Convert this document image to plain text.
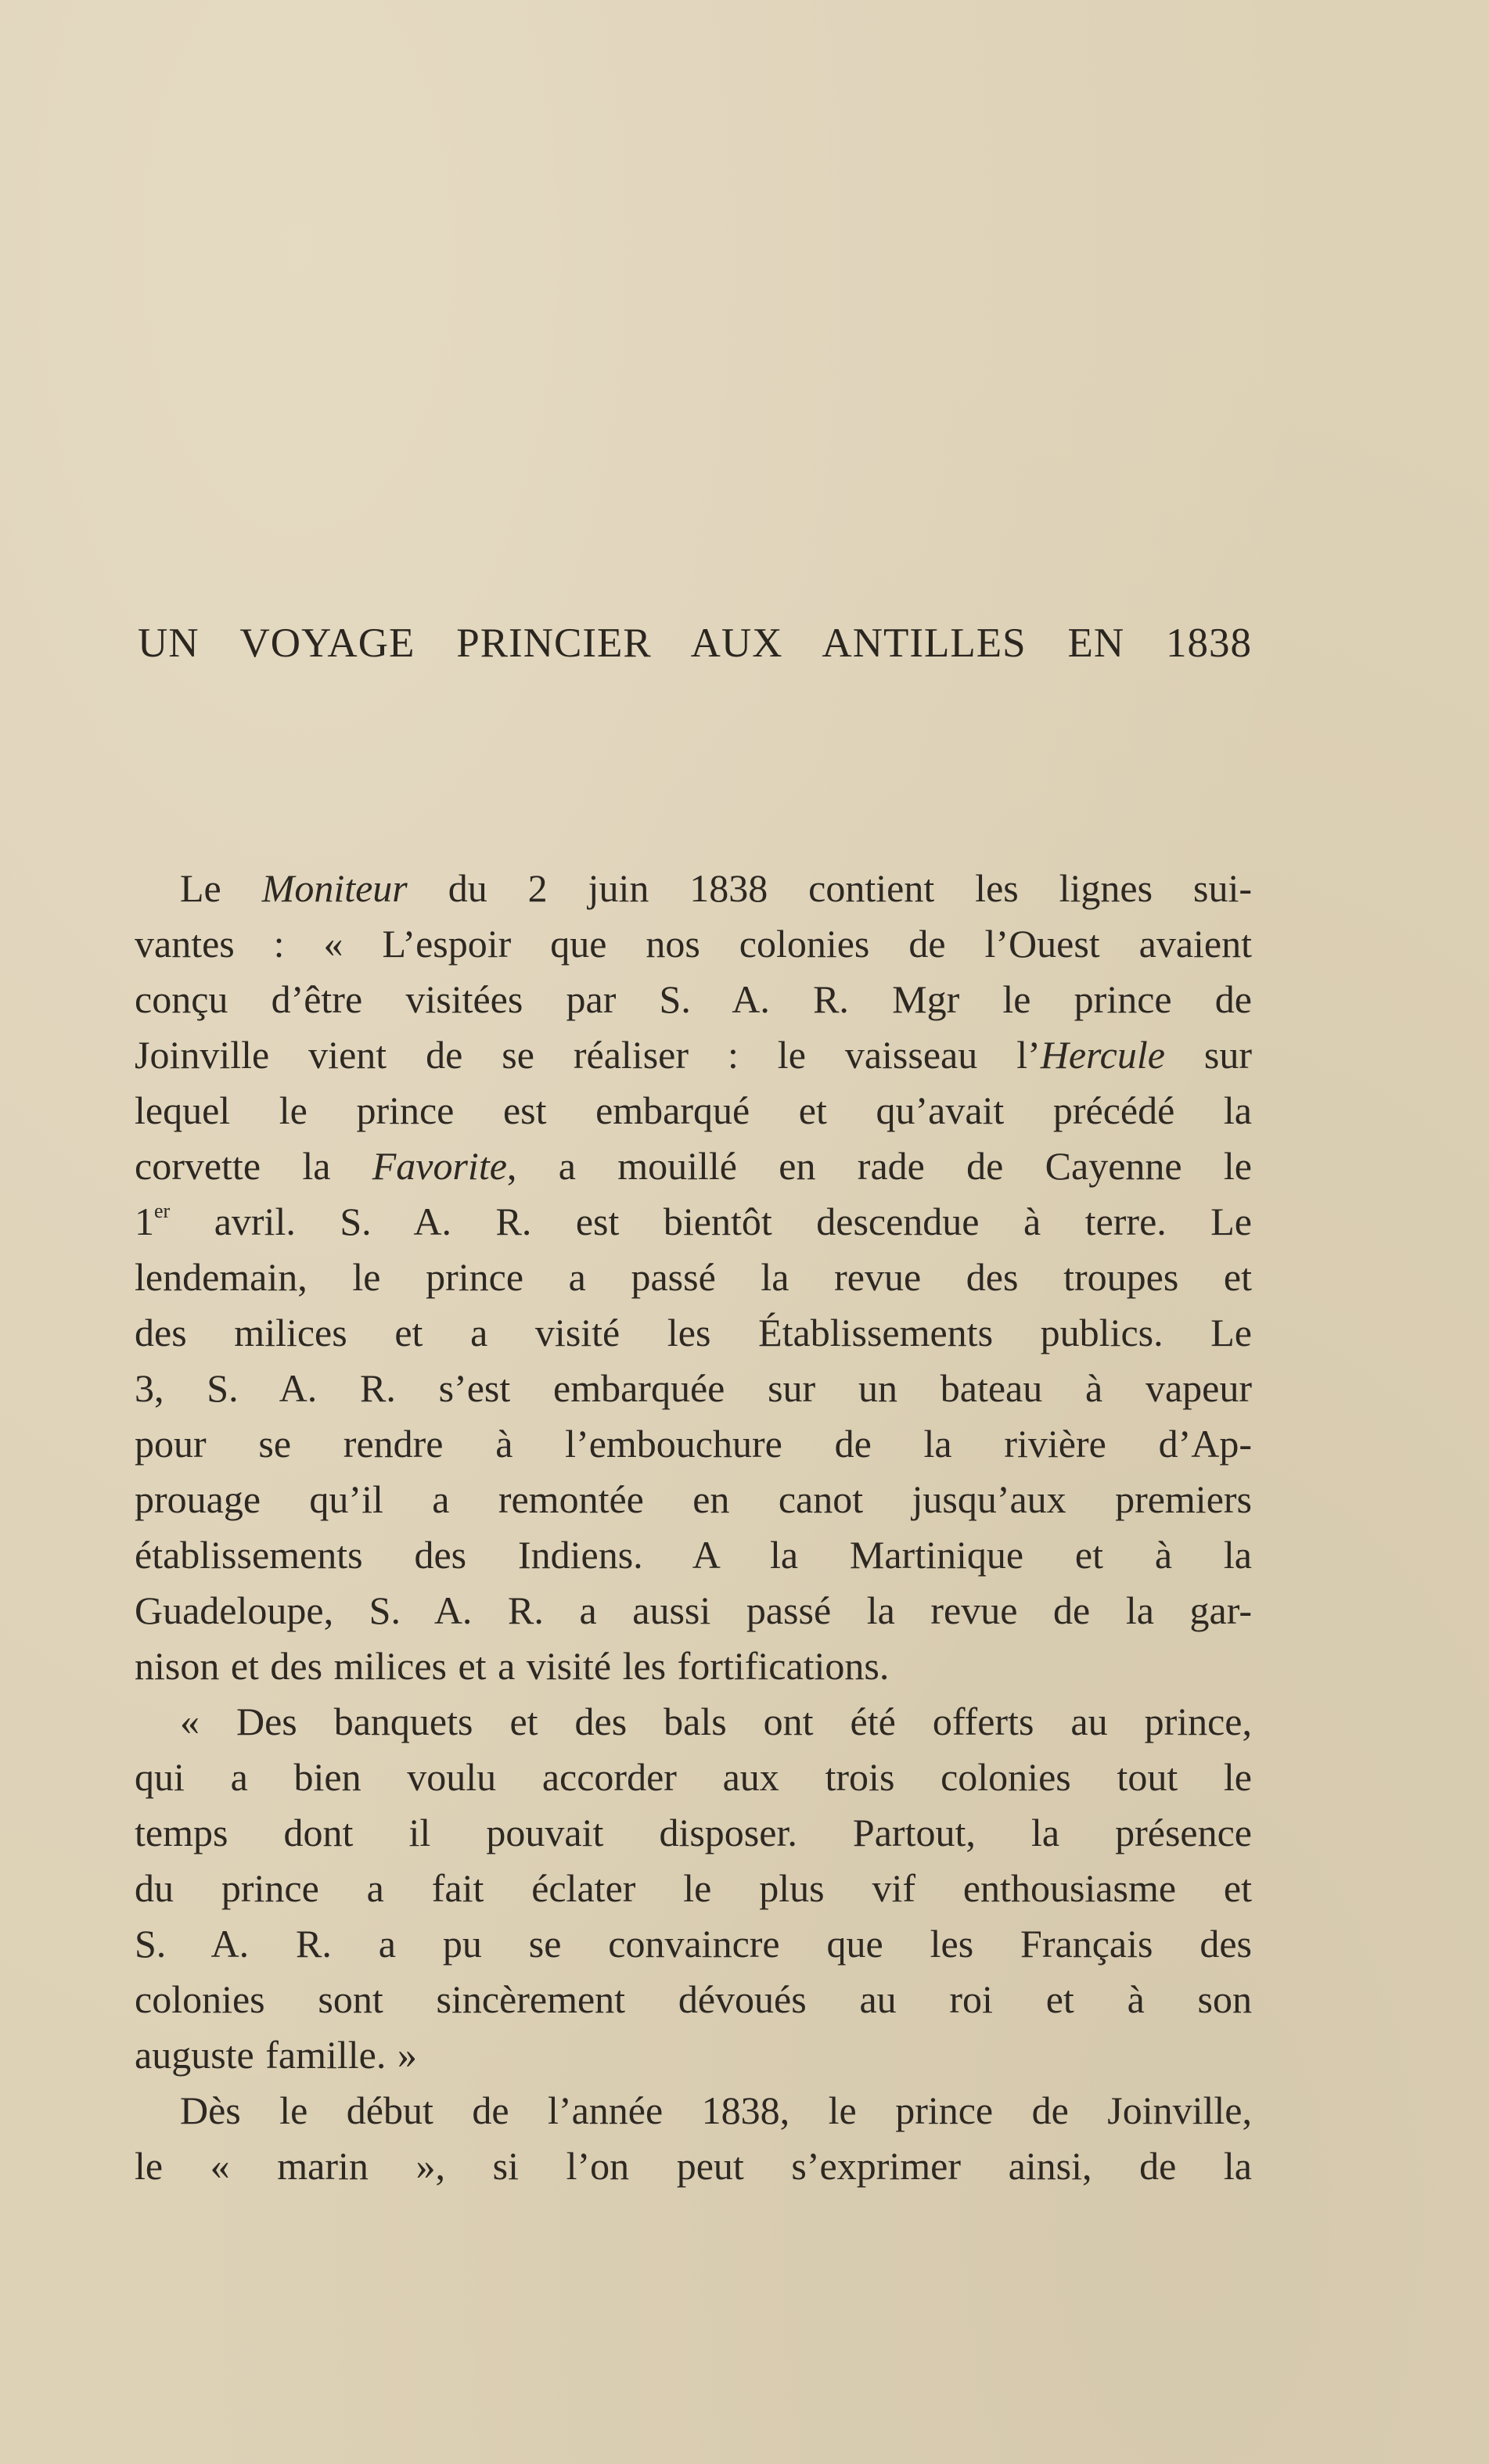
UN VOYAGE PRINCIER AUX ANTILLES EN 1838
Le Moniteur du 2 juin 1838 contient les lignes sui-
vantes : « L’espoir que nos colonies de l’Ouest avaient
conçu d’être visitées par S. A. R. Mgr le prince de
Joinville vient de se réaliser : le vaisseau l’Hercule sur
lequel le prince est embarqué et qu’avait précédé la
corvette la Favorite, a mouillé en rade de Cayenne le
1er avril. S. A. R. est bientôt descendue à terre. Le
lendemain, le prince a passé la revue des troupes et
des milices et a visité les Établissements publics. Le
3, S. A. R. s’est embarquée sur un bateau à vapeur
pour se rendre à l’embouchure de la rivière d’Ap-
prouage qu’il a remontée en canot jusqu’aux premiers
établissements des Indiens. A la Martinique et à la
Guadeloupe, S. A. R. a aussi passé la revue de la gar-
nison et des milices et a visité les fortifications.
« Des banquets et des bals ont été offerts au prince,
qui a bien voulu accorder aux trois colonies tout le
temps dont il pouvait disposer. Partout, la présence
du prince a fait éclater le plus vif enthousiasme et
S. A. R. a pu se convaincre que les Français des
colonies sont sincèrement dévoués au roi et à son
auguste famille. »
Dès le début de l’année 1838, le prince de Joinville,
le « marin », si l’on peut s’exprimer ainsi, de la
